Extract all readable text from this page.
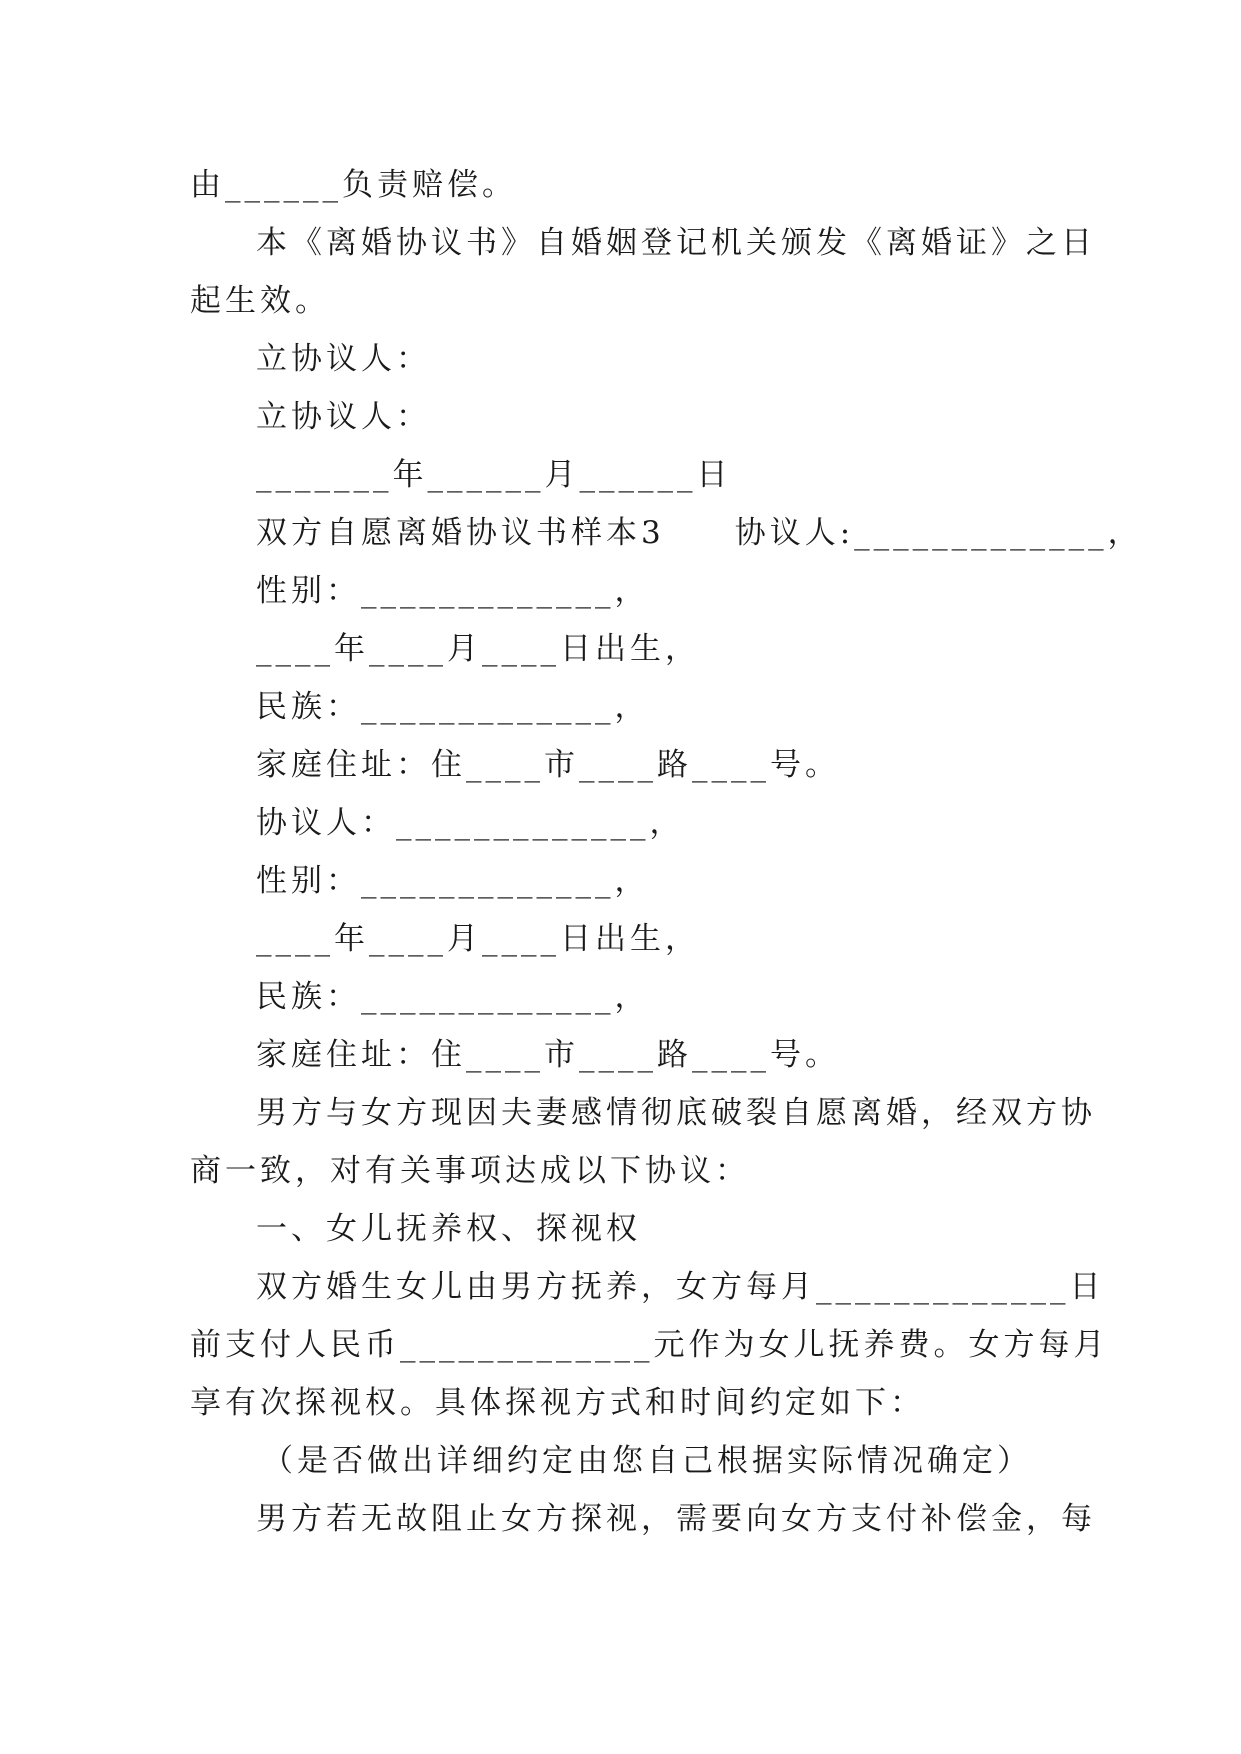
由______负责赔偿。
本《离婚协议书》自婚姻登记机关颁发《离婚证》之日
起生效。
立协议人：
立协议人：
_______年______月______日
双方自愿离婚协议书样本3　　协议人:_____________，
性别：_____________，
____年____月____日出生，
民族：_____________，
家庭住址：住____市____路____号。
协议人：_____________，
性别：_____________，
____年____月____日出生，
民族：_____________，
家庭住址：住____市____路____号。
男方与女方现因夫妻感情彻底破裂自愿离婚，经双方协
商一致，对有关事项达成以下协议：
一、女儿抚养权、探视权
双方婚生女儿由男方抚养，女方每月_____________日
前支付人民币_____________元作为女儿抚养费。女方每月
享有次探视权。具体探视方式和时间约定如下：
（是否做出详细约定由您自己根据实际情况确定）
男方若无故阻止女方探视，需要向女方支付补偿金，每
